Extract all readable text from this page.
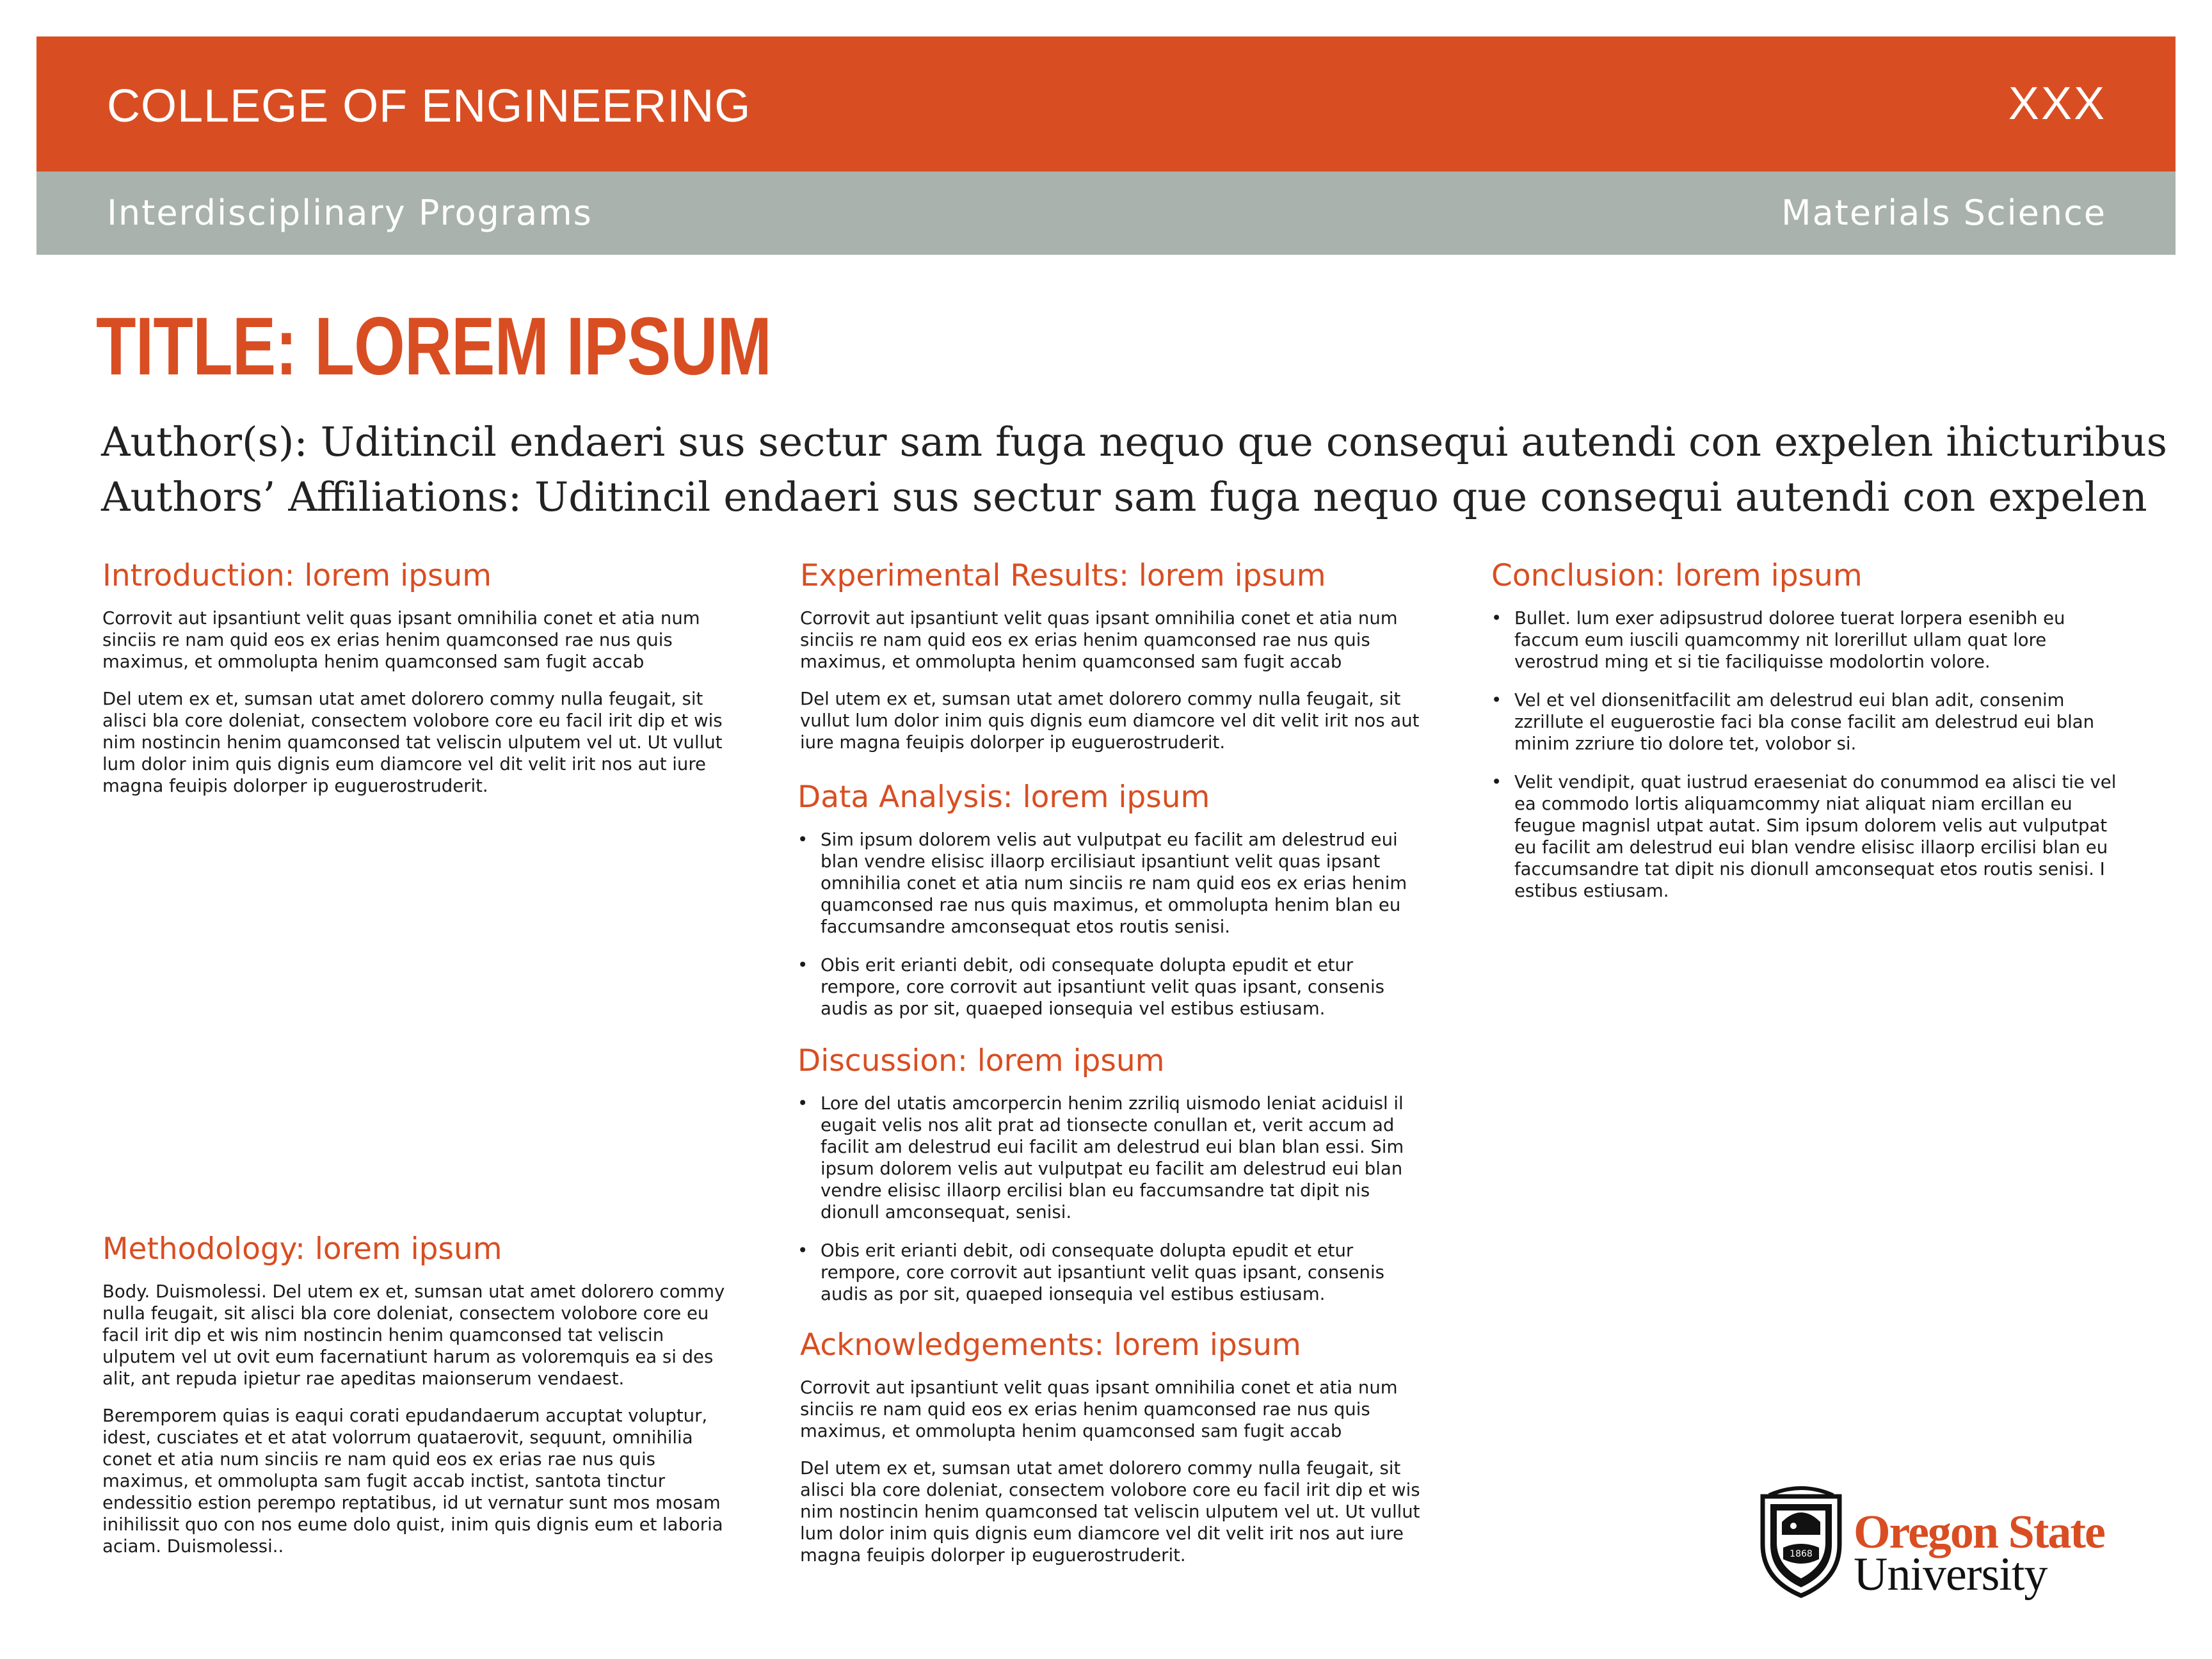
COLLEGE OF ENGINEERING	XXX
Interdisciplinary Programs	Materials Science
TITLE: LOREM IPSUM
Author(s): Uditincil endaeri sus sectur sam fuga nequo que consequi autendi con expelen ihicturibus
Authors’ Affiliations: Uditincil endaeri sus sectur sam fuga nequo que consequi autendi con expelen
Introduction: lorem ipsum

Corrovit aut ipsantiunt velit quas ipsant omnihilia conet et atia num sinciis re nam quid eos ex erias henim quamconsed rae nus quis maximus, et ommolupta henim quamconsed sam fugit accab

Del utem ex et, sumsan utat amet dolorero commy nulla feugait, sit alisci bla core doleniat, consectem volobore core eu facil irit dip et wis nim nostincin henim quamconsed tat veliscin ulputem vel ut. Ut vullut lum dolor inim quis dignis eum diamcore vel dit velit irit nos aut iure magna feuipis dolorper ip euguerostruderit.

Methodology: lorem ipsum

Body. Duismolessi. Del utem ex et, sumsan utat amet dolorero commy nulla feugait, sit alisci bla core doleniat, consectem volobore core eu facil irit dip et wis nim nostincin henim quamconsed tat veliscin ulputem vel ut ovit eum facernatiunt harum as voloremquis ea si des alit, ant repuda ipietur rae apeditas maionserum vendaest.

Beremporem quias is eaqui corati epudandaerum accuptat voluptur, idest, cusciates et et atat volorrum quataerovit, sequunt, omnihilia conet et atia num sinciis re nam quid eos ex erias rae nus quis maximus, et ommolupta sam fugit accab inctist, santota tinctur endessitio estion perempo reptatibus, id ut vernatur sunt mos mosam inihilissit quo con nos eume dolo quist, inim quis dignis eum et laboria aciam. Duismolessi..

Experimental Results: lorem ipsum

Corrovit aut ipsantiunt velit quas ipsant omnihilia conet et atia num sinciis re nam quid eos ex erias henim quamconsed rae nus quis maximus, et ommolupta henim quamconsed sam fugit accab

Del utem ex et, sumsan utat amet dolorero commy nulla feugait, sit vullut lum dolor inim quis dignis eum diamcore vel dit velit irit nos aut iure magna feuipis dolorper ip euguerostruderit.

Data Analysis: lorem ipsum
• Sim ipsum dolorem velis aut vulputpat eu facilit am delestrud eui blan vendre elisisc illaorp ercilisiaut ipsantiunt velit quas ipsant omnihilia conet et atia num sinciis re nam quid eos ex erias henim quamconsed rae nus quis maximus, et ommolupta henim blan eu faccumsandre amconsequat etos routis senisi.
• Obis erit erianti debit, odi consequate dolupta epudit et etur rempore, core corrovit aut ipsantiunt velit quas ipsant, consenis audis as por sit, quaeped ionsequia vel estibus estiusam.
Discussion: lorem ipsum
• Lore del utatis amcorpercin henim zzriliq uismodo leniat aciduisl il eugait velis nos alit prat ad tionsecte conullan et, verit accum ad facilit am delestrud eui facilit am delestrud eui blan blan essi. Sim ipsum dolorem velis aut vulputpat eu facilit am delestrud eui blan vendre elisisc illaorp ercilisi blan eu faccumsandre tat dipit nis dionull amconsequat, senisi.
• Obis erit erianti debit, odi consequate dolupta epudit et etur rempore, core corrovit aut ipsantiunt velit quas ipsant, consenis audis as por sit, quaeped ionsequia vel estibus estiusam.
Acknowledgements: lorem ipsum

Corrovit aut ipsantiunt velit quas ipsant omnihilia conet et atia num sinciis re nam quid eos ex erias henim quamconsed rae nus quis maximus, et ommolupta henim quamconsed sam fugit accab

Del utem ex et, sumsan utat amet dolorero commy nulla feugait, sit alisci bla core doleniat, consectem volobore core eu facil irit dip et wis nim nostincin henim quamconsed tat veliscin ulputem vel ut. Ut vullut lum dolor inim quis dignis eum diamcore vel dit velit irit nos aut iure magna feuipis dolorper ip euguerostruderit.

Conclusion: lorem ipsum
• Bullet. lum exer adipsustrud doloree tuerat lorpera esenibh eu faccum eum iuscili quamcommy nit lorerillut ullam quat lore verostrud ming et si tie faciliquisse modolortin volore.
• Vel et vel dionsenitfacilit am delestrud eui blan adit, consenim zzrillute el euguerostie faci bla conse facilit am delestrud eui blan minim zzriure tio dolore tet, volobor si.
• Velit vendipit, quat iustrud eraeseniat do conummod ea alisci tie vel ea commodo lortis aliquamcommy niat aliquat niam ercillan eu feugue magnisl utpat autat. Sim ipsum dolorem velis aut vulputpat eu facilit am delestrud eui blan vendre elisisc illaorp ercilisi blan eu faccumsandre tat dipit nis dionull amconsequat etos routis senisi. I estibus estiusam.
1868 Oregon State
University
